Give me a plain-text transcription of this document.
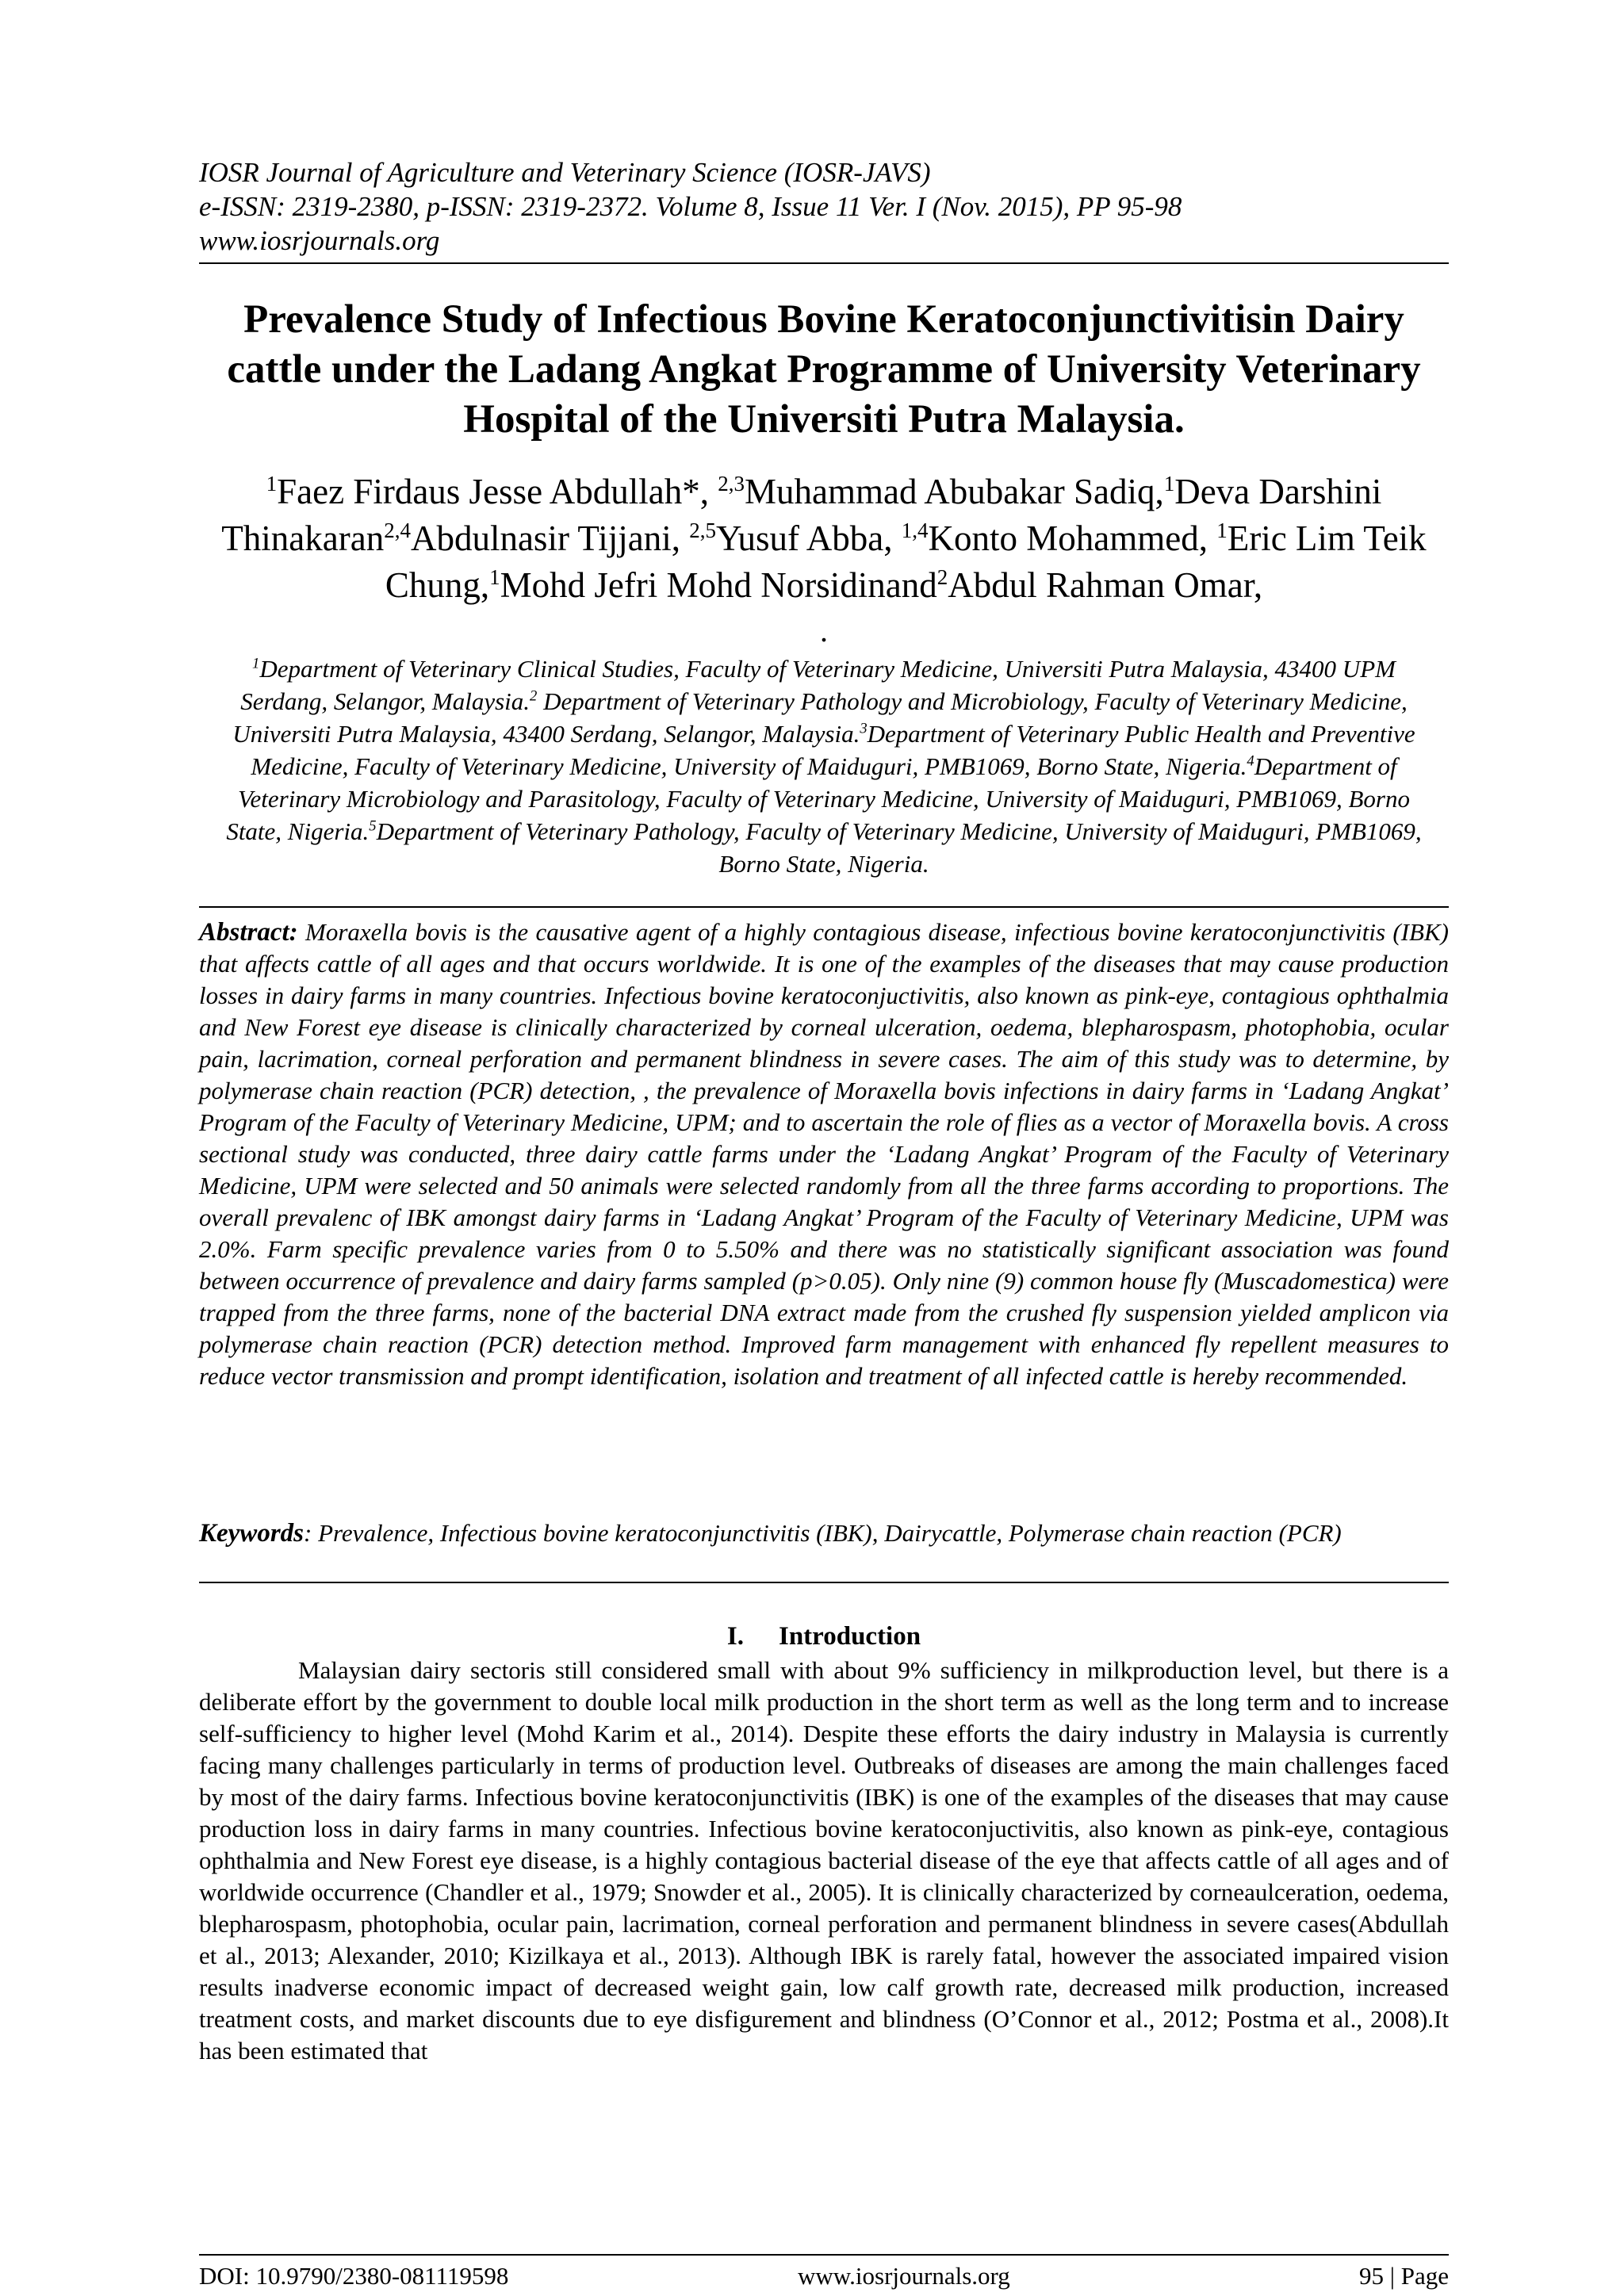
IOSR Journal of Agriculture and Veterinary Science (IOSR-JAVS)
e-ISSN: 2319-2380, p-ISSN: 2319-2372. Volume 8, Issue 11 Ver. I (Nov. 2015), PP 95-98
www.iosrjournals.org
Prevalence Study of Infectious Bovine Keratoconjunctivitisin Dairy cattle under the Ladang Angkat Programme of University Veterinary Hospital of the Universiti Putra Malaysia.
$^1$Faez Firdaus Jesse Abdullah*, $^{2,3}$Muhammad Abubakar Sadiq,$^1$Deva Darshini Thinakaran$^{2,4}$Abdulnasir Tijjani, $^{2,5}$Yusuf Abba, $^{1,4}$Konto Mohammed, $^1$Eric Lim Teik Chung,$^1$Mohd Jefri Mohd Norsidinand$^2$Abdul Rahman Omar,
.
$^1$Department of Veterinary Clinical Studies, Faculty of Veterinary Medicine, Universiti Putra Malaysia, 43400 UPM Serdang, Selangor, Malaysia.$^2$ Department of Veterinary Pathology and Microbiology, Faculty of Veterinary Medicine, Universiti Putra Malaysia, 43400 Serdang, Selangor, Malaysia.$^3$Department of Veterinary Public Health and Preventive Medicine, Faculty of Veterinary Medicine, University of Maiduguri, PMB1069, Borno State, Nigeria.$^4$Department of Veterinary Microbiology and Parasitology, Faculty of Veterinary Medicine, University of Maiduguri, PMB1069, Borno State, Nigeria.$^5$Department of Veterinary Pathology, Faculty of Veterinary Medicine, University of Maiduguri, PMB1069, Borno State, Nigeria.
Abstract: Moraxella bovis is the causative agent of a highly contagious disease, infectious bovine keratoconjunctivitis (IBK) that affects cattle of all ages and that occurs worldwide. It is one of the examples of the diseases that may cause production losses in dairy farms in many countries. Infectious bovine keratoconjuctivitis, also known as pink-eye, contagious ophthalmia and New Forest eye disease is clinically characterized by corneal ulceration, oedema, blepharospasm, photophobia, ocular pain, lacrimation, corneal perforation and permanent blindness in severe cases. The aim of this study was to determine, by polymerase chain reaction (PCR) detection, , the prevalence of Moraxella bovis infections in dairy farms in ‘Ladang Angkat’ Program of the Faculty of Veterinary Medicine, UPM; and to ascertain the role of flies as a vector of Moraxella bovis. A cross sectional study was conducted, three dairy cattle farms under the ‘Ladang Angkat’ Program of the Faculty of Veterinary Medicine, UPM were selected and 50 animals were selected randomly from all the three farms according to proportions. The overall prevalenc of IBK amongst dairy farms in ‘Ladang Angkat’ Program of the Faculty of Veterinary Medicine, UPM was 2.0%. Farm specific prevalence varies from 0 to 5.50% and there was no statistically significant association was found between occurrence of prevalence and dairy farms sampled (p>0.05). Only nine (9) common house fly (Muscadomestica) were trapped from the three farms, none of the bacterial DNA extract made from the crushed fly suspension yielded amplicon via polymerase chain reaction (PCR) detection method. Improved farm management with enhanced fly repellent measures to reduce vector transmission and prompt identification, isolation and treatment of all infected cattle is hereby recommended.
Keywords: Prevalence, Infectious bovine keratoconjunctivitis (IBK), Dairycattle, Polymerase chain reaction (PCR)
I. Introduction
Malaysian dairy sectoris still considered small with about 9% sufficiency in milkproduction level, but there is a deliberate effort by the government to double local milk production in the short term as well as the long term and to increase self-sufficiency to higher level (Mohd Karim et al., 2014). Despite these efforts the dairy industry in Malaysia is currently facing many challenges particularly in terms of production level. Outbreaks of diseases are among the main challenges faced by most of the dairy farms. Infectious bovine keratoconjunctivitis (IBK) is one of the examples of the diseases that may cause production loss in dairy farms in many countries. Infectious bovine keratoconjuctivitis, also known as pink-eye, contagious ophthalmia and New Forest eye disease, is a highly contagious bacterial disease of the eye that affects cattle of all ages and of worldwide occurrence (Chandler et al., 1979; Snowder et al., 2005). It is clinically characterized by corneaulceration, oedema, blepharospasm, photophobia, ocular pain, lacrimation, corneal perforation and permanent blindness in severe cases(Abdullah et al., 2013; Alexander, 2010; Kizilkaya et al., 2013). Although IBK is rarely fatal, however the associated impaired vision results inadverse economic impact of decreased weight gain, low calf growth rate, decreased milk production, increased treatment costs, and market discounts due to eye disfigurement and blindness (O’Connor et al., 2012; Postma et al., 2008).It has been estimated that
DOI: 10.9790/2380-081119598	www.iosrjournals.org	95 | Page
